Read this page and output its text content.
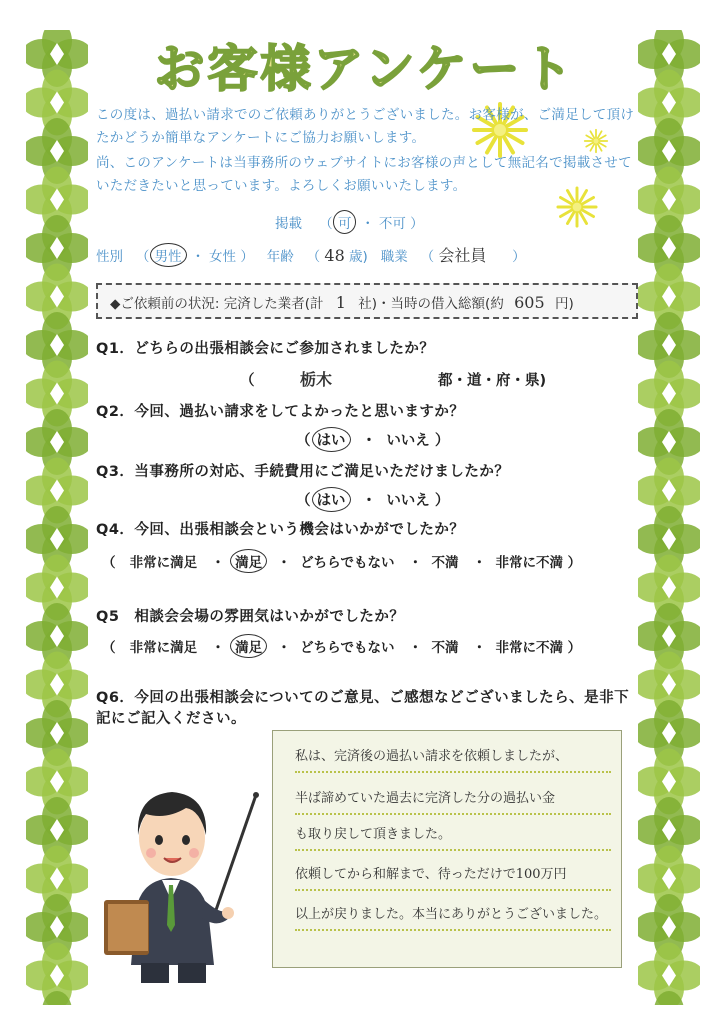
お客様アンケート
この度は、過払い請求でのご依頼ありがとうございました。お客様が、ご満足して頂けたかどうか簡単なアンケートにご協力お願いします。
尚、このアンケートは当事務所のウェブサイトにお客様の声として無記名で掲載させていただきたいと思っています。よろしくお願いいたします。
掲載    （ 可  ・ 不可 ）
性別   （ 男性  ・ 女性 ）   年齢   （ 48 歳) 職業   （ 会社員      ）
◆ご依頼前の状況: 完済した業者(計 1 社)・当時の借入総額(約 605 円)
Q1．どちらの出張相談会にご参加されましたか？
（         栃木	都・道・府・県)
Q2．今回、過払い請求をしてよかったと思いますか？
（ はい   ・  いいえ ）
Q3．当事務所の対応、手続費用にご満足いただけましたか？
（ はい   ・  いいえ ）
Q4．今回、出張相談会という機会はいかがでしたか？
（   非常に満足   ・  満足   ・  どちらでもない   ・  不満   ・  非常に不満 ）
Q5　相談会会場の雰囲気はいかがでしたか？
（   非常に満足   ・  満足   ・  どちらでもない   ・  不満   ・  非常に不満 ）
Q6．今回の出張相談会についてのご意見、ご感想などございましたら、是非下記にご記入ください。
私は、完済後の過払い請求を依頼しましたが、
半ば諦めていた過去に完済した分の過払い金
も取り戻して頂きました。
依頼してから和解まで、待っただけで100万円
以上が戻りました。本当にありがとうございました。
